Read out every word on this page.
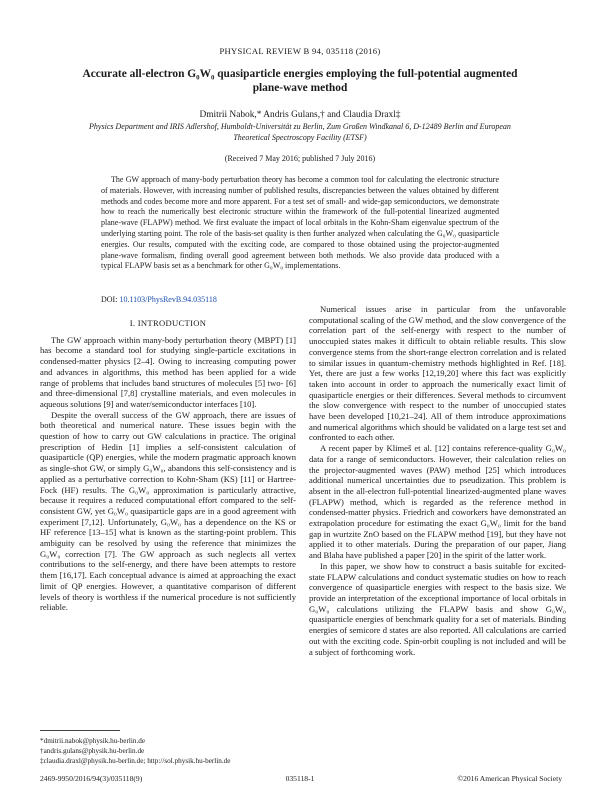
PHYSICAL REVIEW B 94, 035118 (2016)
Accurate all-electron G₀W₀ quasiparticle energies employing the full-potential augmented plane-wave method
Dmitrii Nabok,* Andris Gulans,† and Claudia Draxl‡
Physics Department and IRIS Adlershof, Humboldt-Universität zu Berlin, Zum Großen Windkanal 6, D-12489 Berlin and European Theoretical Spectroscopy Facility (ETSF)
(Received 7 May 2016; published 7 July 2016)
The GW approach of many-body perturbation theory has become a common tool for calculating the electronic structure of materials. However, with increasing number of published results, discrepancies between the values obtained by different methods and codes become more and more apparent. For a test set of small- and wide-gap semiconductors, we demonstrate how to reach the numerically best electronic structure within the framework of the full-potential linearized augmented plane-wave (FLAPW) method. We first evaluate the impact of local orbitals in the Kohn-Sham eigenvalue spectrum of the underlying starting point. The role of the basis-set quality is then further analyzed when calculating the G₀W₀ quasiparticle energies. Our results, computed with the exciting code, are compared to those obtained using the projector-augmented plane-wave formalism, finding overall good agreement between both methods. We also provide data produced with a typical FLAPW basis set as a benchmark for other G₀W₀ implementations.
DOI: 10.1103/PhysRevB.94.035118
I. INTRODUCTION

The GW approach within many-body perturbation theory (MBPT) [1] has become a standard tool for studying single-particle excitations in condensed-matter physics [2–4]. Owing to increasing computing power and advances in algorithms, this method has been applied for a wide range of problems that includes band structures of molecules [5] two- [6] and three-dimensional [7,8] crystalline materials, and even molecules in aqueous solutions [9] and water/semiconductor interfaces [10].

Despite the overall success of the GW approach, there are issues of both theoretical and numerical nature. These issues begin with the question of how to carry out GW calculations in practice. The original prescription of Hedin [1] implies a self-consistent calculation of quasiparticle (QP) energies, while the modern pragmatic approach known as single-shot GW, or simply G₀W₀, abandons this self-consistency and is applied as a perturbative correction to Kohn-Sham (KS) [11] or Hartree-Fock (HF) results. The G₀W₀ approximation is particularly attractive, because it requires a reduced computational effort compared to the self-consistent GW, yet G₀W₀ quasiparticle gaps are in a good agreement with experiment [7,12]. Unfortunately, G₀W₀ has a dependence on the KS or HF reference [13–15] what is known as the starting-point problem. This ambiguity can be resolved by using the reference that minimizes the G₀W₀ correction [7]. The GW approach as such neglects all vertex contributions to the self-energy, and there have been attempts to restore them [16,17]. Each conceptual advance is aimed at approaching the exact limit of QP energies. However, a quantitative comparison of different levels of theory is worthless if the numerical procedure is not sufficiently reliable.

Numerical issues arise in particular from the unfavorable computational scaling of the GW method, and the slow convergence of the correlation part of the self-energy with respect to the number of unoccupied states makes it difficult to obtain reliable results. This slow convergence stems from the short-range electron correlation and is related to similar issues in quantum-chemistry methods highlighted in Ref. [18]. Yet, there are just a few works [12,19,20] where this fact was explicitly taken into account in order to approach the numerically exact limit of quasiparticle energies or their differences. Several methods to circumvent the slow convergence with respect to the number of unoccupied states have been developed [10,21–24]. All of them introduce approximations and numerical algorithms which should be validated on a large test set and confronted to each other.

A recent paper by Klimeš et al. [12] contains reference-quality G₀W₀ data for a range of semiconductors. However, their calculation relies on the projector-augmented waves (PAW) method [25] which introduces additional numerical uncertainties due to pseudization. This problem is absent in the all-electron full-potential linearized-augmented plane waves (FLAPW) method, which is regarded as the reference method in condensed-matter physics. Friedrich and coworkers have demonstrated an extrapolation procedure for estimating the exact G₀W₀ limit for the band gap in wurtzite ZnO based on the FLAPW method [19], but they have not applied it to other materials. During the preparation of our paper, Jiang and Blaha have published a paper [20] in the spirit of the latter work.

In this paper, we show how to construct a basis suitable for excited-state FLAPW calculations and conduct systematic studies on how to reach convergence of quasiparticle energies with respect to the basis size. We provide an interpretation of the exceptional importance of local orbitals in G₀W₀ calculations utilizing the FLAPW basis and show G₀W₀ quasiparticle energies of benchmark quality for a set of materials. Binding energies of semicore d states are also reported. All calculations are carried out with the exciting code. Spin-orbit coupling is not included and will be a subject of forthcoming work.

*dmitrii.nabok@physik.hu-berlin.de
†andris.gulans@physik.hu-berlin.de
‡claudia.draxl@physik.hu-berlin.de; http://sol.physik.hu-berlin.de
2469-9950/2016/94(3)/035118(9)	035118-1	©2016 American Physical Society
